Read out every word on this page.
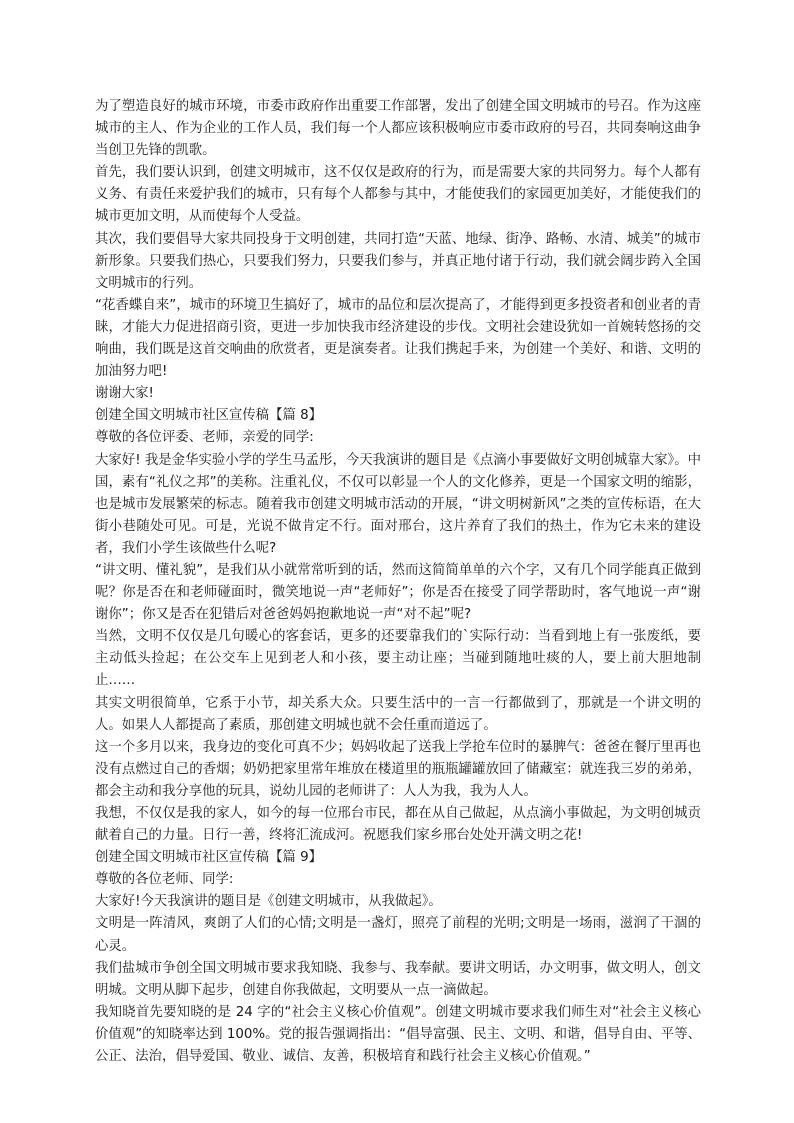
为了塑造良好的城市环境，市委市政府作出重要工作部署，发出了创建全国文明城市的号召。作为这座城市的主人、作为企业的工作人员，我们每一个人都应该积极响应市委市政府的号召，共同奏响这曲争当创卫先锋的凯歌。

首先，我们要认识到，创建文明城市，这不仅仅是政府的行为，而是需要大家的共同努力。每个人都有义务、有责任来爱护我们的城市，只有每个人都参与其中，才能使我们的家园更加美好，才能使我们的城市更加文明，从而使每个人受益。

其次，我们要倡导大家共同投身于文明创建，共同打造“天蓝、地绿、街净、路畅、水清、城美”的城市新形象。只要我们热心，只要我们努力，只要我们参与，并真正地付诸于行动，我们就会阔步跨入全国文明城市的行列。

“花香蝶自来”，城市的环境卫生搞好了，城市的品位和层次提高了，才能得到更多投资者和创业者的青睐，才能大力促进招商引资，更进一步加快我市经济建设的步伐。文明社会建设犹如一首婉转悠扬的交响曲，我们既是这首交响曲的欣赏者，更是演奏者。让我们携起手来，为创建一个美好、和谐、文明的加油努力吧!

谢谢大家!

创建全国文明城市社区宣传稿【篇 8】

尊敬的各位评委、老师，亲爱的同学:

大家好! 我是金华实验小学的学生马孟彤，今天我演讲的题目是《点滴小事要做好文明创城靠大家》。中国，素有“礼仪之邦”的美称。注重礼仪，不仅可以彰显一个人的文化修养，更是一个国家文明的缩影，也是城市发展繁荣的标志。随着我市创建文明城市活动的开展，“讲文明树新风”之类的宣传标语，在大街小巷随处可见。可是，光说不做肯定不行。面对邢台，这片养育了我们的热土，作为它未来的建设者，我们小学生该做些什么呢?

“讲文明、懂礼貌”，是我们从小就常常听到的话，然而这简简单单的六个字，又有几个同学能真正做到呢？你是否在和老师碰面时，微笑地说一声“老师好”；你是否在接受了同学帮助时，客气地说一声“谢谢你”；你又是否在犯错后对爸爸妈妈抱歉地说一声“对不起”呢?

当然，文明不仅仅是几句暖心的客套话，更多的还要靠我们的`实际行动：当看到地上有一张废纸，要主动低头捡起；在公交车上见到老人和小孩，要主动让座；当碰到随地吐痰的人，要上前大胆地制止……

其实文明很简单，它系于小节，却关系大众。只要生活中的一言一行都做到了，那就是一个讲文明的人。如果人人都提高了素质，那创建文明城也就不会任重而道远了。

这一个多月以来，我身边的变化可真不少；妈妈收起了送我上学抢车位时的暴脾气：爸爸在餐厅里再也没有点燃过自己的香烟；奶奶把家里常年堆放在楼道里的瓶瓶罐罐放回了储藏室：就连我三岁的弟弟，都会主动和我分享他的玩具，说幼儿园的老师讲了：人人为我，我为人人。

我想，不仅仅是我的家人，如今的每一位邢台市民，都在从自己做起，从点滴小事做起，为文明创城贡献着自己的力量。日行一善，终将汇流成河。祝愿我们家乡邢台处处开满文明之花!

创建全国文明城市社区宣传稿【篇 9】

尊敬的各位老师、同学:

大家好!今天我演讲的题目是《创建文明城市，从我做起》。

文明是一阵清风，爽朗了人们的心情;文明是一盏灯，照亮了前程的光明;文明是一场雨，滋润了干涸的心灵。

我们盐城市争创全国文明城市要求我知晓、我参与、我奉献。要讲文明话，办文明事，做文明人，创文明城。文明从脚下起步，创建自你我做起，文明要从一点一滴做起。

我知晓首先要知晓的是 24 字的“社会主义核心价值观”。创建文明城市要求我们师生对“社会主义核心价值观”的知晓率达到 100%。党的报告强调指出：“倡导富强、民主、文明、和谐，倡导自由、平等、公正、法治，倡导爱国、敬业、诚信、友善，积极培育和践行社会主义核心价值观。”
